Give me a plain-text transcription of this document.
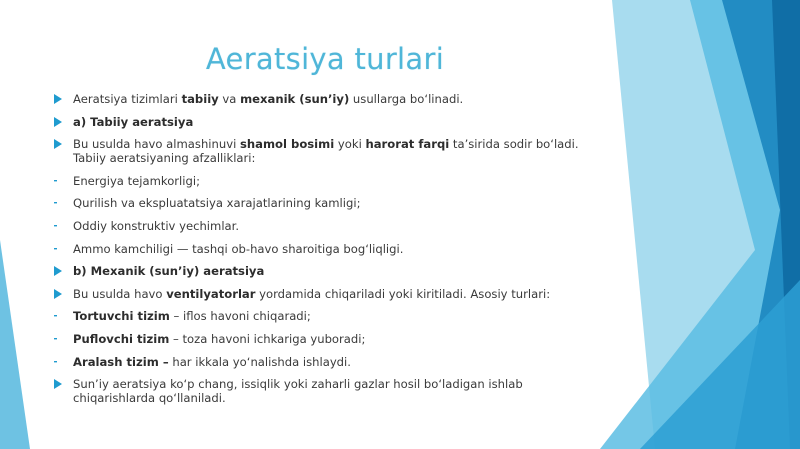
Aeratsiya turlari
Aeratsiya tizimlari tabiiy va mexanik (sun’iy) usullarga bo‘linadi.
a) Tabiiy aeratsiya
Bu usulda havo almashinuvi shamol bosimi yoki harorat farqi ta’sirida sodir bo‘ladi. Tabiiy aeratsiyaning afzalliklari:
Energiya tejamkorligi;
Qurilish va ekspluatatsiya xarajatlarining kamligi;
Oddiy konstruktiv yechimlar.
Ammo kamchiligi — tashqi ob-havo sharoitiga bog‘liqligi.
b) Mexanik (sun’iy) aeratsiya
Bu usulda havo ventilyatorlar yordamida chiqariladi yoki kiritiladi. Asosiy turlari:
Tortuvchi tizim – iflos havoni chiqaradi;
Puflovchi tizim – toza havoni ichkariga yuboradi;
Aralash tizim – har ikkala yo‘nalishda ishlaydi.
Sun’iy aeratsiya ko‘p chang, issiqlik yoki zaharli gazlar hosil bo‘ladigan ishlab chiqarishlarda qo‘llaniladi.
